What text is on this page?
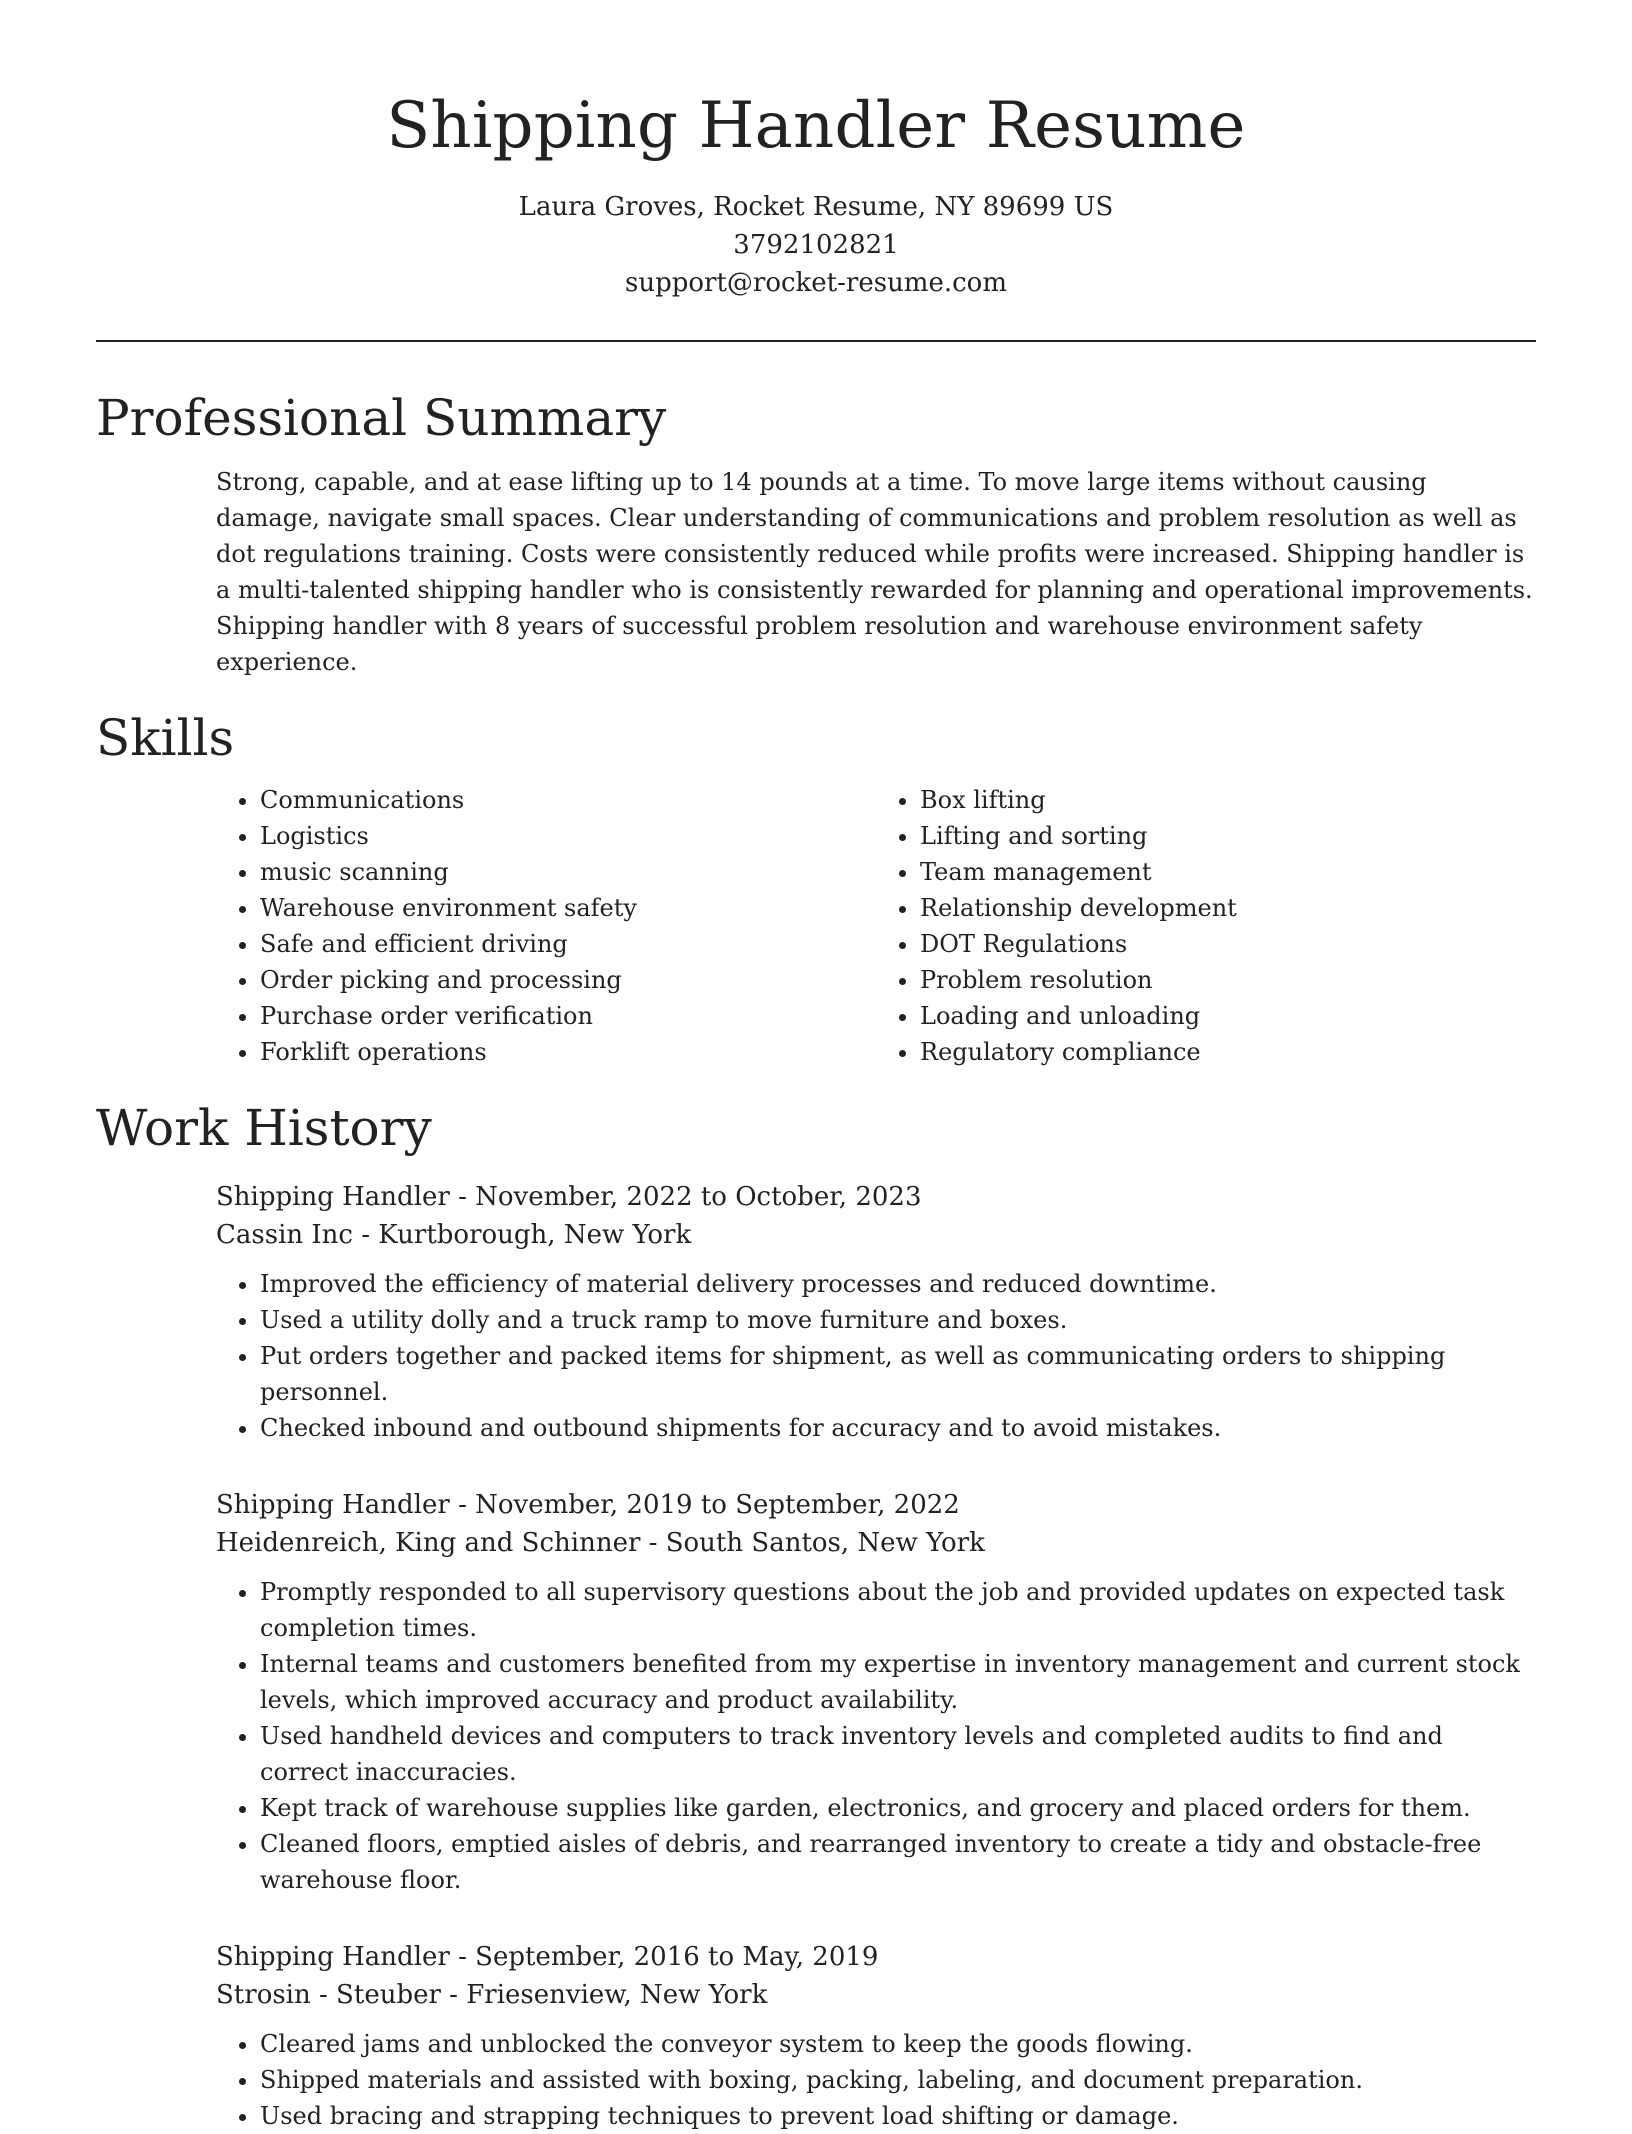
Shipping Handler Resume

Laura Groves, Rocket Resume, NY 89699 US

3792102821

support@rocket-resume.com

Professional Summary

Strong, capable, and at ease lifting up to 14 pounds at a time. To move large items without causing damage, navigate small spaces. Clear understanding of communications and problem resolution as well as dot regulations training. Costs were consistently reduced while profits were increased. Shipping handler is a multi-talented shipping handler who is consistently rewarded for planning and operational improvements. Shipping handler with 8 years of successful problem resolution and warehouse environment safety experience.

Skills
• Communications
• Logistics
• music scanning
• Warehouse environment safety
• Safe and efficient driving
• Order picking and processing
• Purchase order verification
• Forklift operations
• Box lifting
• Lifting and sorting
• Team management
• Relationship development
• DOT Regulations
• Problem resolution
• Loading and unloading
• Regulatory compliance
Work History

Shipping Handler - November, 2022 to October, 2023

Cassin Inc - Kurtborough, New York

• Improved the efficiency of material delivery processes and reduced downtime.
• Used a utility dolly and a truck ramp to move furniture and boxes.
• Put orders together and packed items for shipment, as well as communicating orders to shipping personnel.
• Checked inbound and outbound shipments for accuracy and to avoid mistakes.

Shipping Handler - November, 2019 to September, 2022

Heidenreich, King and Schinner - South Santos, New York

• Promptly responded to all supervisory questions about the job and provided updates on expected task completion times.
• Internal teams and customers benefited from my expertise in inventory management and current stock levels, which improved accuracy and product availability.
• Used handheld devices and computers to track inventory levels and completed audits to find and correct inaccuracies.
• Kept track of warehouse supplies like garden, electronics, and grocery and placed orders for them.
• Cleaned floors, emptied aisles of debris, and rearranged inventory to create a tidy and obstacle-free warehouse floor.

Shipping Handler - September, 2016 to May, 2019

Strosin - Steuber - Friesenview, New York

• Cleared jams and unblocked the conveyor system to keep the goods flowing.
• Shipped materials and assisted with boxing, packing, labeling, and document preparation.
• Used bracing and strapping techniques to prevent load shifting or damage.
